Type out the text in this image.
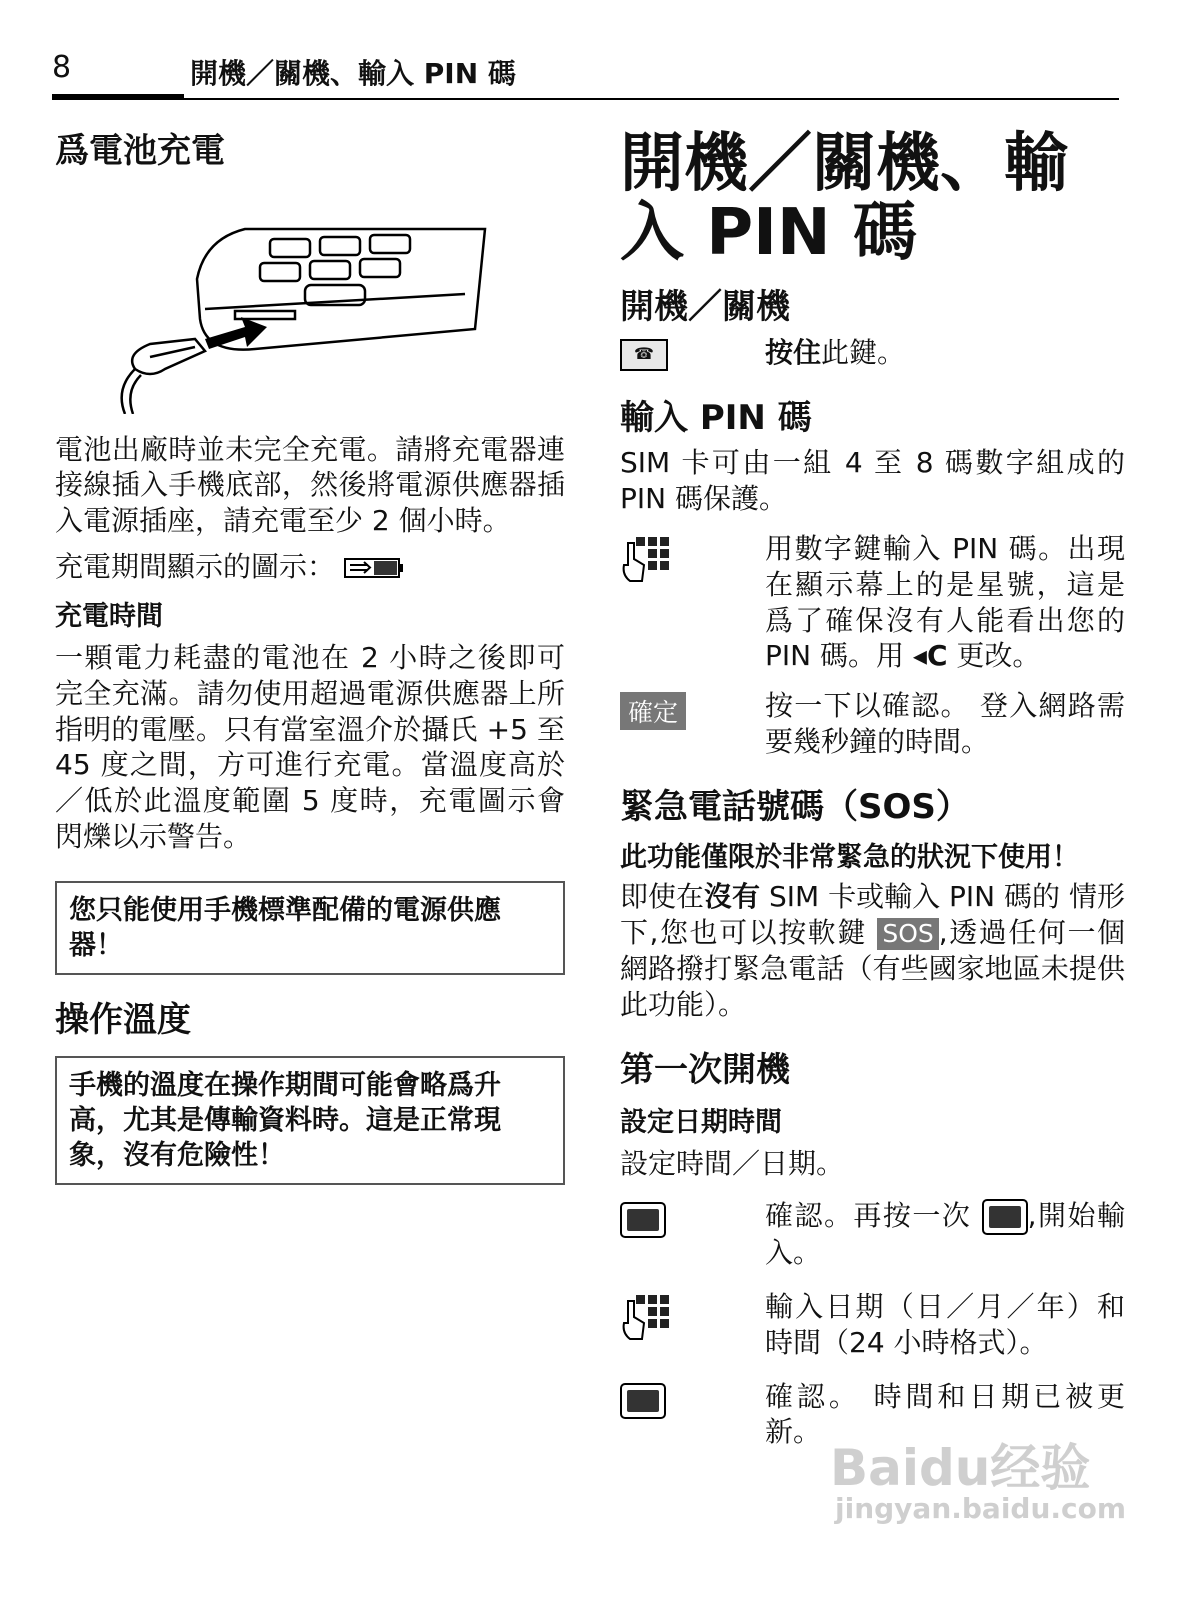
8	開機／關機、輸入 PIN 碼
爲電池充電

電池出廠時並未完全充電。請將充電器連接線插入手機底部，然後將電源供應器插入電源插座，請充電至少 2 個小時。

充電期間顯示的圖示：

充電時間

一顆電力耗盡的電池在 2 小時之後即可完全充滿。請勿使用超過電源供應器上所指明的電壓。只有當室溫介於攝氏 +5 至 45 度之間，方可進行充電。當溫度高於／低於此溫度範圍 5 度時，充電圖示會閃爍以示警告。

您只能使用手機標準配備的電源供應器！
操作溫度
手機的溫度在操作期間可能會略爲升高，尤其是傳輸資料時。這是正常現象，沒有危險性！
開機／關機、輸
入 PIN 碼
開機／關機
☎	按住此鍵。
輸入 PIN 碼

SIM 卡可由一組 4 至 8 碼數字組成的 PIN 碼保護。

用數字鍵輸入 PIN 碼。出現在顯示幕上的是星號，這是爲了確保沒有人能看出您的 PIN 碼。用 ◂C 更改。
確定	按一下以確認。 登入網路需要幾秒鐘的時間。
緊急電話號碼（SOS）
此功能僅限於非常緊急的狀況下使用！

即使在沒有 SIM 卡或輸入 PIN 碼的 情形下,您也可以按軟鍵 SOS ,透過任何一個網路撥打緊急電話（有些國家地區未提供此功能）。

第一次開機
設定日期時間

設定時間／日期。

確認。再按一次 ,開始輸入。
輸入日期（日／月／年）和時間（24 小時格式）。
確認。 時間和日期已被更新。
Baidu经验
jingyan.baidu.com
